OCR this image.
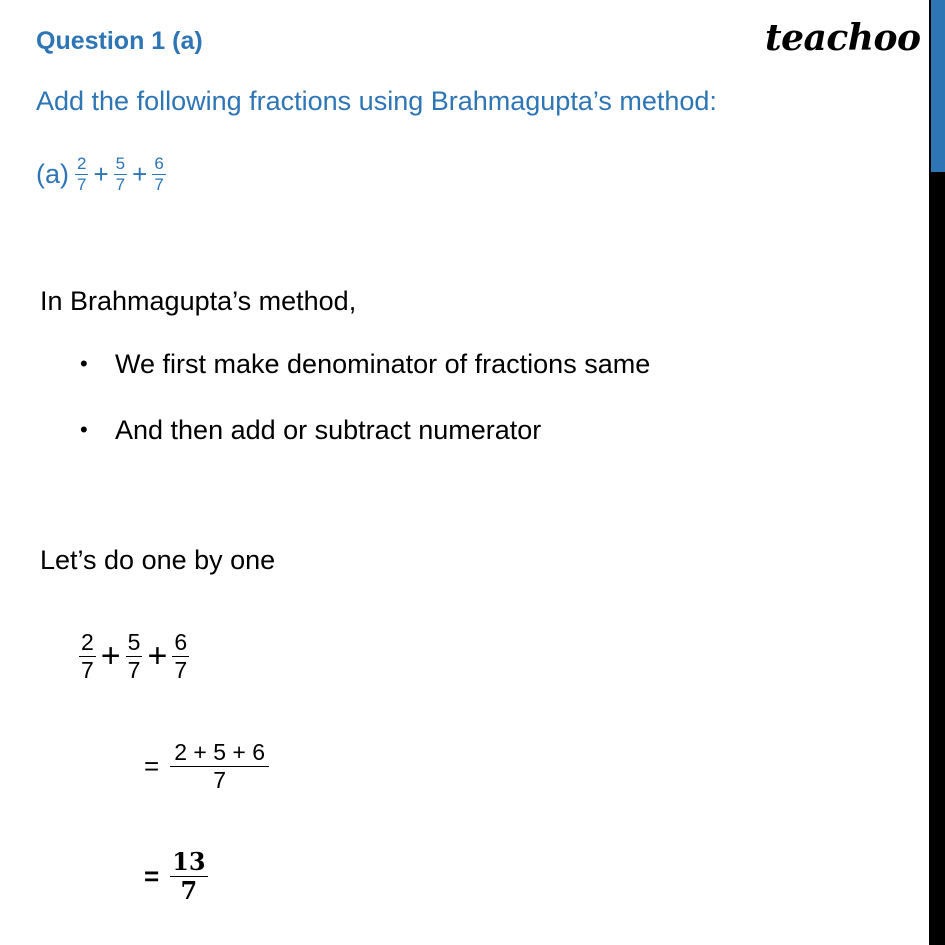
Question 1 (a)	teachoo
Add the following fractions using Brahmagupta’s method:
$(a) \frac{2}{7} + \frac{5}{7} + \frac{6}{7}$
In Brahmagupta’s method,
• We first make denominator of fractions same
• And then add or subtract numerator
Let’s do one by one
$\frac{2}{7} + \frac{5}{7} + \frac{6}{7}$
= $\frac{2 + 5 + 6}{7}$
= $\frac{13}{7}$
